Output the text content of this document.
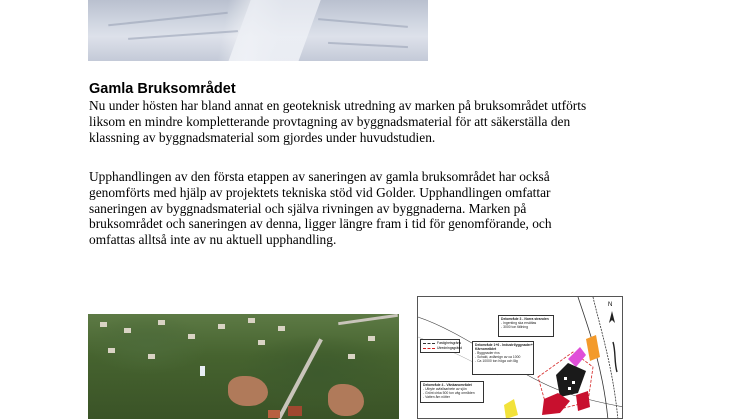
Gamla Bruksområdet

Nu under hösten har bland annat en geoteknisk utredning av marken på bruksområdet utförts
liksom en mindre kompletterande provtagning av byggnadsmaterial för att säkerställa den
klassning av byggnadsmaterial som gjordes under huvudstudien.

Upphandlingen av den första etappen av saneringen av gamla bruksområdet har också
genomförts med hjälp av projektets tekniska stöd vid Golder. Upphandlingen omfattar
saneringen av byggnadsmaterial och själva rivningen av byggnaderna. Marken på
bruksområdet och saneringen av denna, ligger längre fram i tid för genomförande, och
omfattas alltså inte av nu aktuell upphandling.

Delområde 3 - Norra stranden
- Ingenting ska ersättas
- 3000 ton fällning
Delområde 1+6 - Industrilyggnader+
Kärnområdet
- Byggnader rivs
- Schakt, avlämign av ca 1000
- Ca 10000 ton höga och låg
Fastighetsgräns
Utredningsgränd
Delområde 4 - Vänkanområdet
- Utbyte avfallsarbete av sjön
- Grönt cirka 500 ton väg områden
- Vatten åm nötter
N
